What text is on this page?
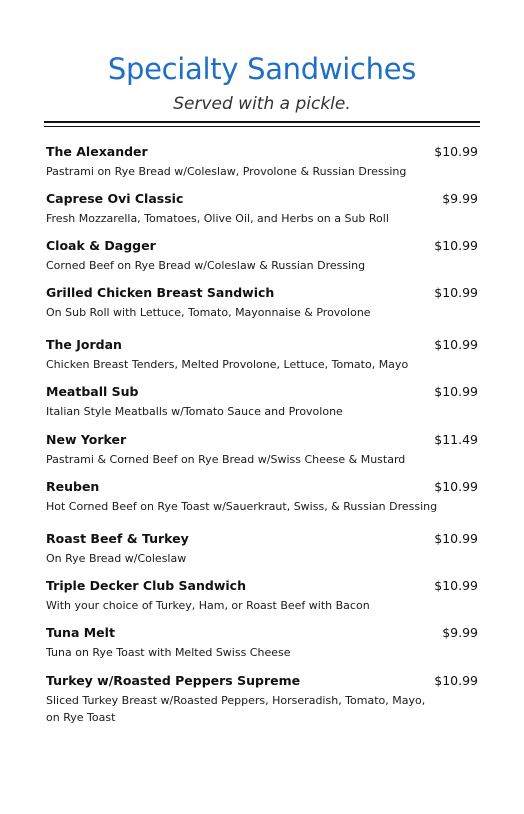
Specialty Sandwiches
Served with a pickle.
The Alexander
Pastrami on Rye Bread w/Coleslaw, Provolone & Russian Dressing
$10.99
Caprese Ovi Classic
Fresh Mozzarella, Tomatoes, Olive Oil, and Herbs on a Sub Roll
$9.99
Cloak & Dagger
Corned Beef on Rye Bread w/Coleslaw & Russian Dressing
$10.99
Grilled Chicken Breast Sandwich
On Sub Roll with Lettuce, Tomato, Mayonnaise & Provolone
$10.99
The Jordan
Chicken Breast Tenders, Melted Provolone, Lettuce, Tomato, Mayo
$10.99
Meatball Sub
Italian Style Meatballs w/Tomato Sauce and Provolone
$10.99
New Yorker
Pastrami & Corned Beef on Rye Bread w/Swiss Cheese & Mustard
$11.49
Reuben
Hot Corned Beef on Rye Toast w/Sauerkraut, Swiss, & Russian Dressing
$10.99
Roast Beef & Turkey
On Rye Bread w/Coleslaw
$10.99
Triple Decker Club Sandwich
With your choice of Turkey, Ham, or Roast Beef with Bacon
$10.99
Tuna Melt
Tuna on Rye Toast with Melted Swiss Cheese
$9.99
Turkey w/Roasted Peppers Supreme
Sliced Turkey Breast w/Roasted Peppers, Horseradish, Tomato, Mayo, on Rye Toast
$10.99
